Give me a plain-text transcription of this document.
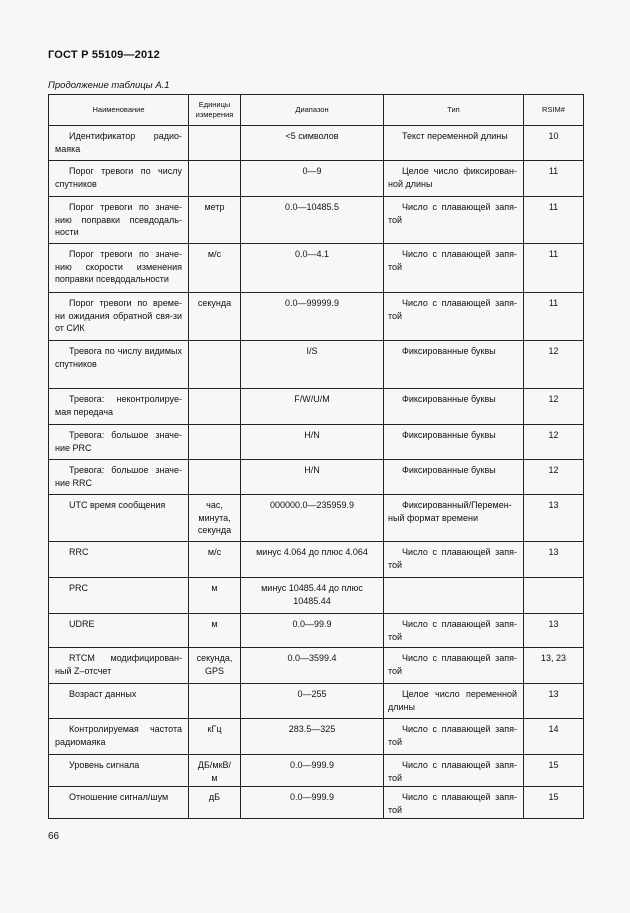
ГОСТ Р 55109—2012
Продолжение таблицы А.1
Наименование	Единицы измерения	Диапазон	Тип	RSIM#

Идентификатор радио-маяка		<5 символов	Текст переменной длины	10

Порог тревоги по числу спутников		0—9	Целое число фиксирован-ной длины	11

Порог тревоги по значе-нию поправки псевдодаль-ности	метр	0.0—10485.5	Число с плавающей запя-той	11

Порог тревоги по значе-нию скорости изменения поправки псевдодальности	м/с	0.0—4.1	Число с плавающей запя-той	11

Порог тревоги по време-ни ожидания обратной свя-зи от СИК	секунда	0.0—99999.9	Число с плавающей запя-той	11

Тревога по числу видимых спутников		I/S	Фиксированные буквы	12

Тревога: неконтролируе-мая передача		F/W/U/M	Фиксированные буквы	12

Тревога: большое значе-ние PRC		H/N	Фиксированные буквы	12

Тревога: большое значе-ние RRC		H/N	Фиксированные буквы	12

UTC время сообщения	час, минута, секунда	000000.0—235959.9	Фиксированный/Перемен-ный формат времени	13

RRC	м/с	минус 4.064 до плюс 4.064	Число с плавающей запя-той	13

PRC	м	минус 10485.44 до плюс 10485.44		

UDRE	м	0.0—99.9	Число с плавающей запя-той	13

RTCM модифицирован-ный Z–отсчет	секунда, GPS	0.0—3599.4	Число с плавающей запя-той	13, 23

Возраст данных		0—255	Целое число переменной длины	13

Контролируемая частота радиомаяка	кГц	283.5—325	Число с плавающей запя-той	14

Уровень сигнала	ДБ/мкВ/м	0.0—999.9	Число с плавающей запя-той	15

Отношение сигнал/шум	дБ	0.0—999.9	Число с плавающей запя-той	15
66
